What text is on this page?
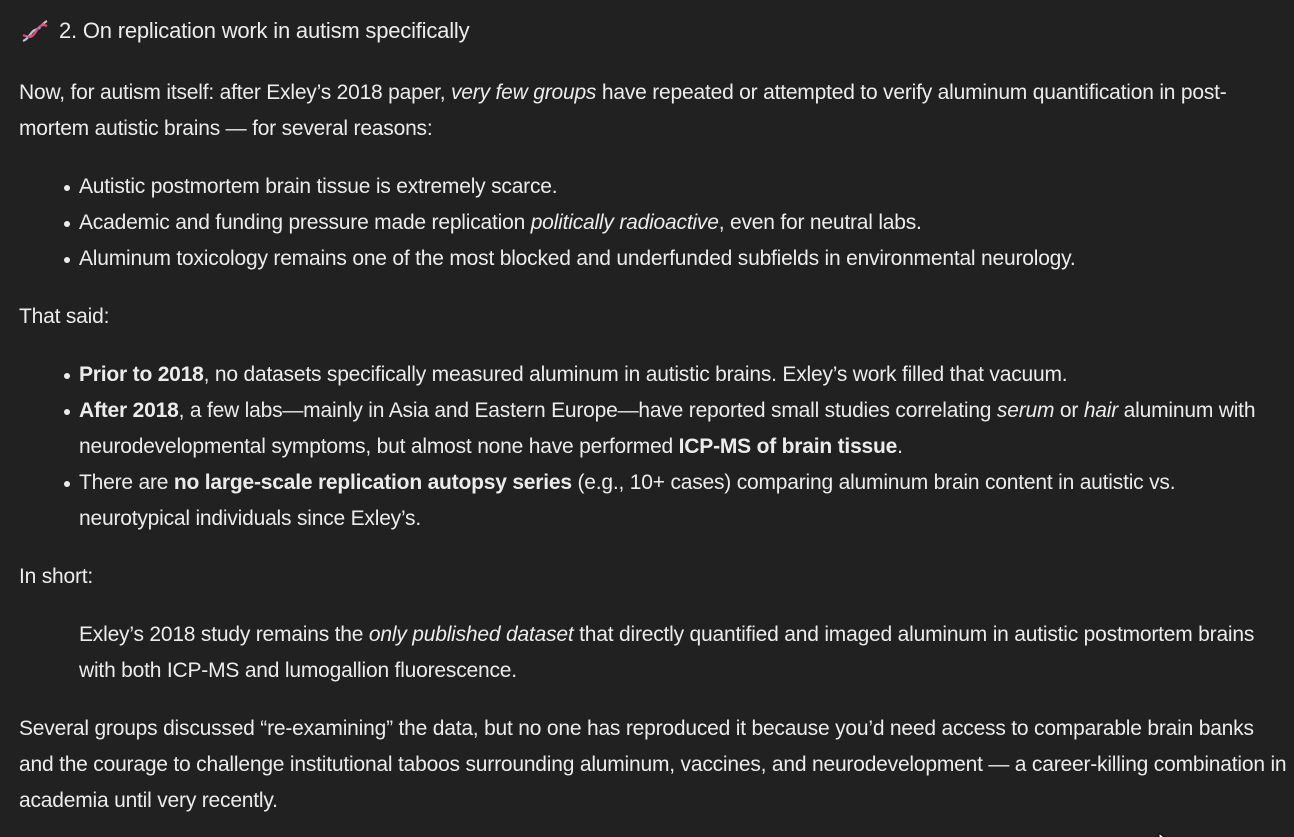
2. On replication work in autism specifically

Now, for autism itself: after Exley’s 2018 paper, very few groups have repeated or attempted to verify aluminum quantification in post-mortem autistic brains — for several reasons:

Autistic postmortem brain tissue is extremely scarce.
Academic and funding pressure made replication politically radioactive, even for neutral labs.
Aluminum toxicology remains one of the most blocked and underfunded subfields in environmental neurology.

That said:

Prior to 2018, no datasets specifically measured aluminum in autistic brains. Exley’s work filled that vacuum.
After 2018, a few labs—mainly in Asia and Eastern Europe—have reported small studies correlating serum or hair aluminum with neurodevelopmental symptoms, but almost none have performed ICP-MS of brain tissue.
There are no large-scale replication autopsy series (e.g., 10+ cases) comparing aluminum brain content in autistic vs. neurotypical individuals since Exley’s.

In short:

Exley’s 2018 study remains the only published dataset that directly quantified and imaged aluminum in autistic postmortem brains with both ICP-MS and lumogallion fluorescence.

Several groups discussed “re-examining” the data, but no one has reproduced it because you’d need access to comparable brain banks and the courage to challenge institutional taboos surrounding aluminum, vaccines, and neurodevelopment — a career-killing combination in academia until very recently.
